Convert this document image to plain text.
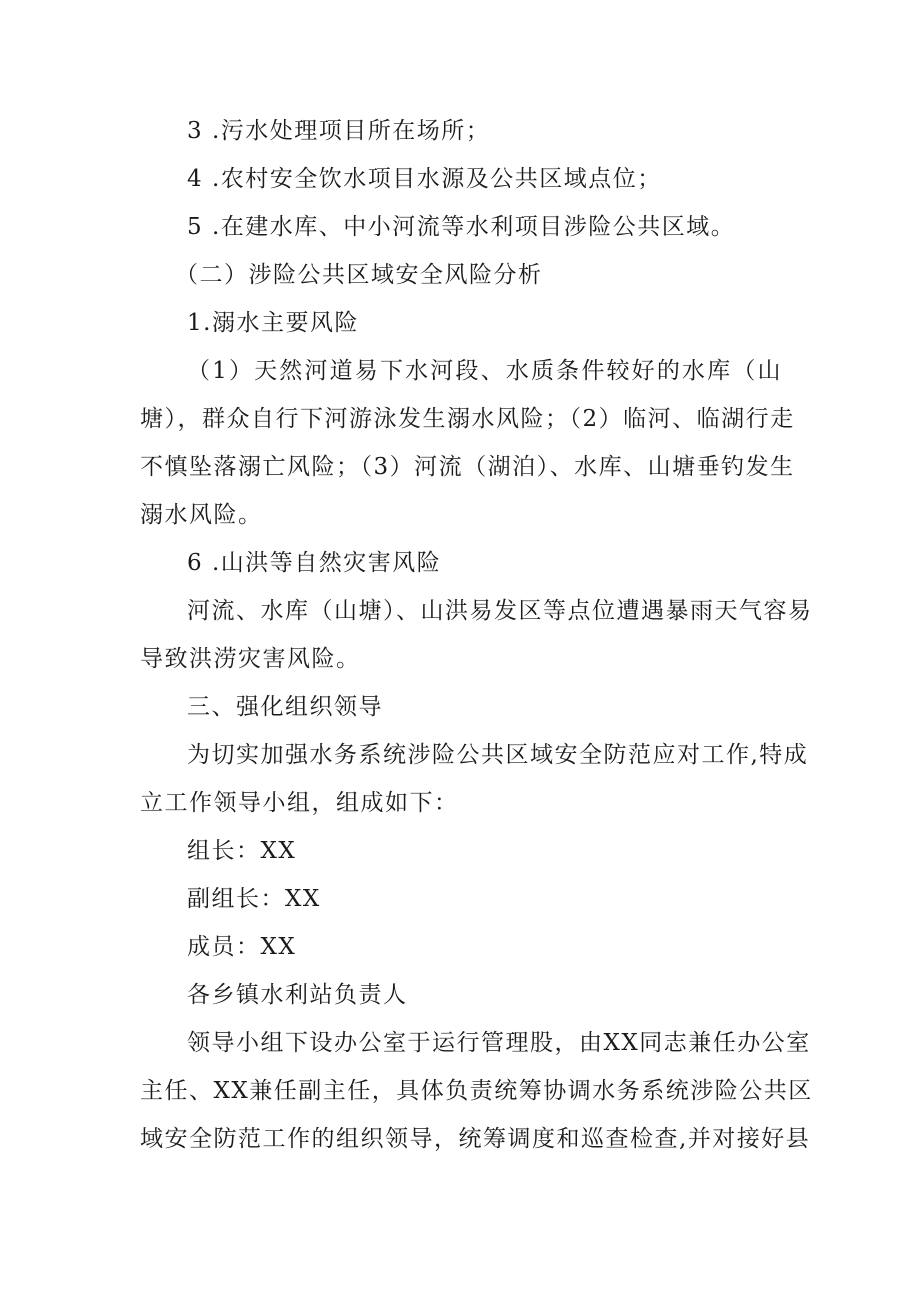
3 .污水处理项目所在场所；
4 .农村安全饮水项目水源及公共区域点位；
5 .在建水库、中小河流等水利项目涉险公共区域。
（二）涉险公共区域安全风险分析
1.溺水主要风险
（1）天然河道易下水河段、水质条件较好的水库（山
塘），群众自行下河游泳发生溺水风险；（2）临河、临湖行走
不慎坠落溺亡风险；（3）河流（湖泊）、水库、山塘垂钓发生
溺水风险。
6 .山洪等自然灾害风险
河流、水库（山塘）、山洪易发区等点位遭遇暴雨天气容易
导致洪涝灾害风险。
三、强化组织领导
为切实加强水务系统涉险公共区域安全防范应对工作,特成
立工作领导小组，组成如下：
组长：XX
副组长：XX
成员：XX
各乡镇水利站负责人
领导小组下设办公室于运行管理股，由XX同志兼任办公室
主任、XX兼任副主任，具体负责统筹协调水务系统涉险公共区
域安全防范工作的组织领导，统筹调度和巡查检查,并对接好县
